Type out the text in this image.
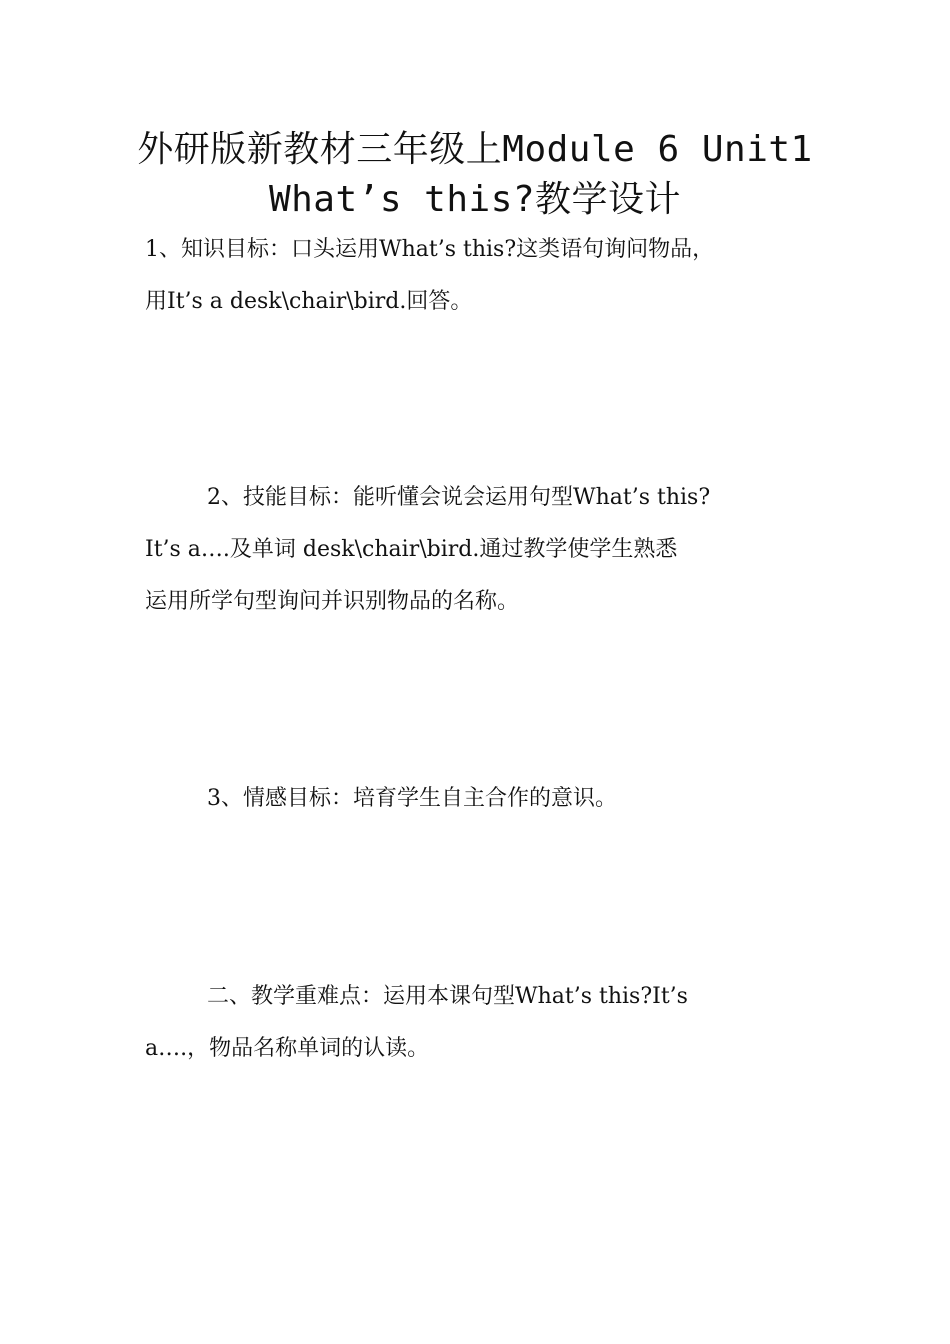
外研版新教材三年级上Module 6 Unit1
What’s this?教学设计
1、知识目标：口头运用What’s this?这类语句询问物品，
用It’s a desk\chair\bird.回答。
2、技能目标：能听懂会说会运用句型What’s this?
It’s a….及单词 desk\chair\bird.通过教学使学生熟悉
运用所学句型询问并识别物品的名称。
3、情感目标：培育学生自主合作的意识。
二、教学重难点：运用本课句型What’s this?It’s
a….，物品名称单词的认读。
